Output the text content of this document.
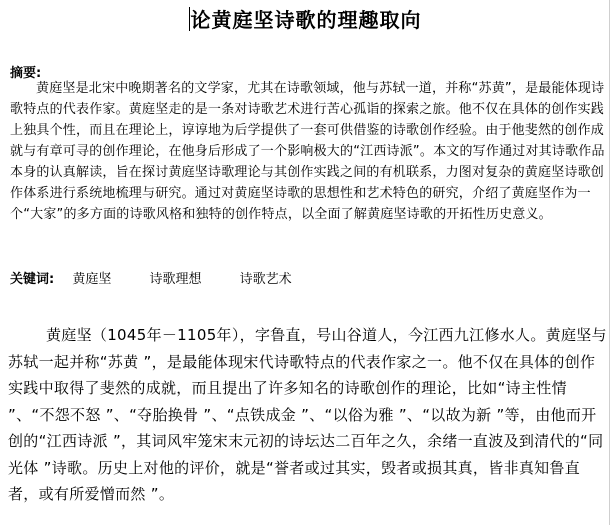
论黄庭坚诗歌的理趣取向
摘要:

黄庭坚是北宋中晚期著名的文学家，尤其在诗歌领域，他与苏轼一道，并称“苏黄”，是最能体现诗歌特点的代表作家。黄庭坚走的是一条对诗歌艺术进行苦心孤诣的探索之旅。他不仅在具体的创作实践上独具个性，而且在理论上，谆谆地为后学提供了一套可供借鉴的诗歌创作经验。由于他斐然的创作成就与有章可寻的创作理论，在他身后形成了一个影响极大的“江西诗派”。本文的写作通过对其诗歌作品本身的认真解读，旨在探讨黄庭坚诗歌理论与其创作实践之间的有机联系，力图对复杂的黄庭坚诗歌创作体系进行系统地梳理与研究。通过对黄庭坚诗歌的思想性和艺术特色的研究，介绍了黄庭坚作为一个“大家”的多方面的诗歌风格和独特的创作特点，以全面了解黄庭坚诗歌的开拓性历史意义。

关键词: 黄庭坚	诗歌理想	诗歌艺术

黄庭坚（1045年－1105年），字鲁直，号山谷道人，今江西九江修水人。黄庭坚与苏轼一起并称“苏黄 ”，是最能体现宋代诗歌特点的代表作家之一。他不仅在具体的创作实践中取得了斐然的成就，而且提出了许多知名的诗歌创作的理论，比如“诗主性情 ”、“不怨不怒 ”、“夺胎换骨 ”、“点铁成金 ”、“以俗为雅 ”、“以故为新 ”等，由他而开创的“江西诗派 ”，其词风牢笼宋末元初的诗坛达二百年之久，余绪一直波及到清代的“同光体 ”诗歌。历史上对他的评价，就是“誉者或过其实，毁者或损其真，皆非真知鲁直者，或有所爱憎而然 ”。
